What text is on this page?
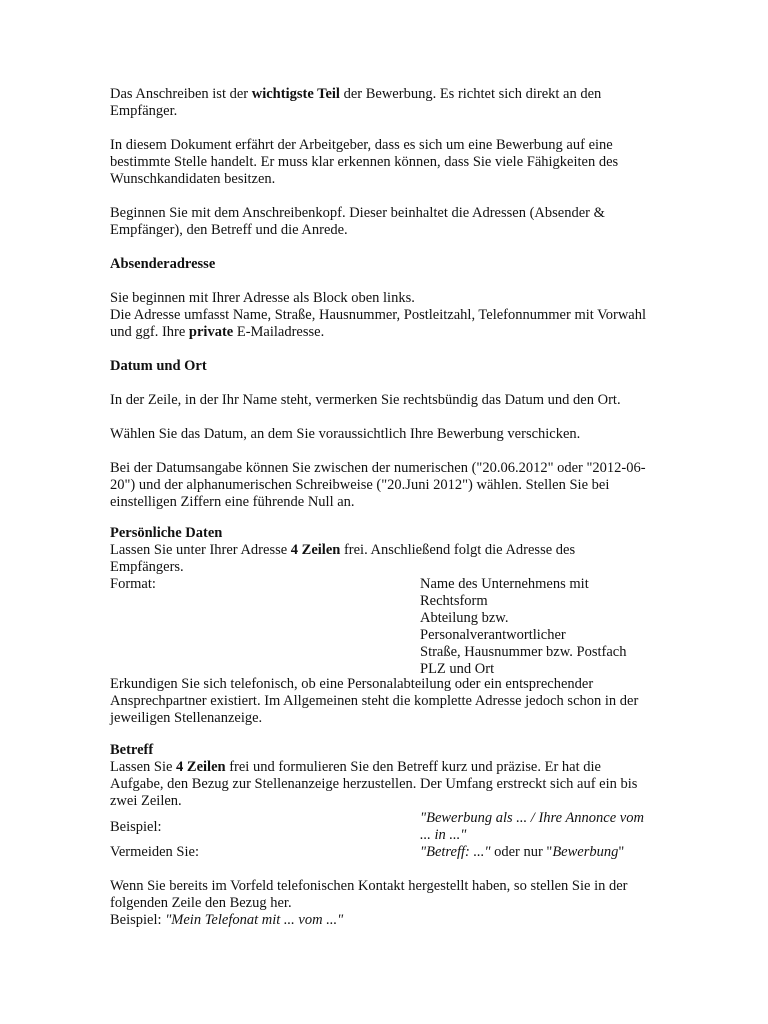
Das Anschreiben ist der wichtigste Teil der Bewerbung. Es richtet sich direkt an den Empfänger.

In diesem Dokument erfährt der Arbeitgeber, dass es sich um eine Bewerbung auf eine bestimmte Stelle handelt. Er muss klar erkennen können, dass Sie viele Fähigkeiten des Wunschkandidaten besitzen.

Beginnen Sie mit dem Anschreibenkopf. Dieser beinhaltet die Adressen (Absender & Empfänger), den Betreff und die Anrede.

Absenderadresse

Sie beginnen mit Ihrer Adresse als Block oben links.

Die Adresse umfasst Name, Straße, Hausnummer, Postleitzahl, Telefonnummer mit Vorwahl und ggf. Ihre private E-Mailadresse.

Datum und Ort

In der Zeile, in der Ihr Name steht, vermerken Sie rechtsbündig das Datum und den Ort.

Wählen Sie das Datum, an dem Sie voraussichtlich Ihre Bewerbung verschicken.

Bei der Datumsangabe können Sie zwischen der numerischen ("20.06.2012" oder "2012-06-20") und der alphanumerischen Schreibweise ("20.Juni 2012") wählen. Stellen Sie bei einstelligen Ziffern eine führende Null an.

Persönliche Daten

Lassen Sie unter Ihrer Adresse 4 Zeilen frei. Anschließend folgt die Adresse des Empfängers.

Format:	Name des Unternehmens mit Rechtsform

Abteilung bzw. Personalverantwortlicher

Straße, Hausnummer bzw. Postfach

PLZ und Ort

Erkundigen Sie sich telefonisch, ob eine Personalabteilung oder ein entsprechender Ansprechpartner existiert. Im Allgemeinen steht die komplette Adresse jedoch schon in der jeweiligen Stellenanzeige.

Betreff

Lassen Sie 4 Zeilen frei und formulieren Sie den Betreff kurz und präzise. Er hat die Aufgabe, den Bezug zur Stellenanzeige herzustellen. Der Umfang erstreckt sich auf ein bis zwei Zeilen.

Beispiel:

"Bewerbung als ... / Ihre Annonce vom ... in ..."

Vermeiden Sie:	"Betreff: ..." oder nur "Bewerbung"

Wenn Sie bereits im Vorfeld telefonischen Kontakt hergestellt haben, so stellen Sie in der folgenden Zeile den Bezug her.

Beispiel: "Mein Telefonat mit ... vom ..."
